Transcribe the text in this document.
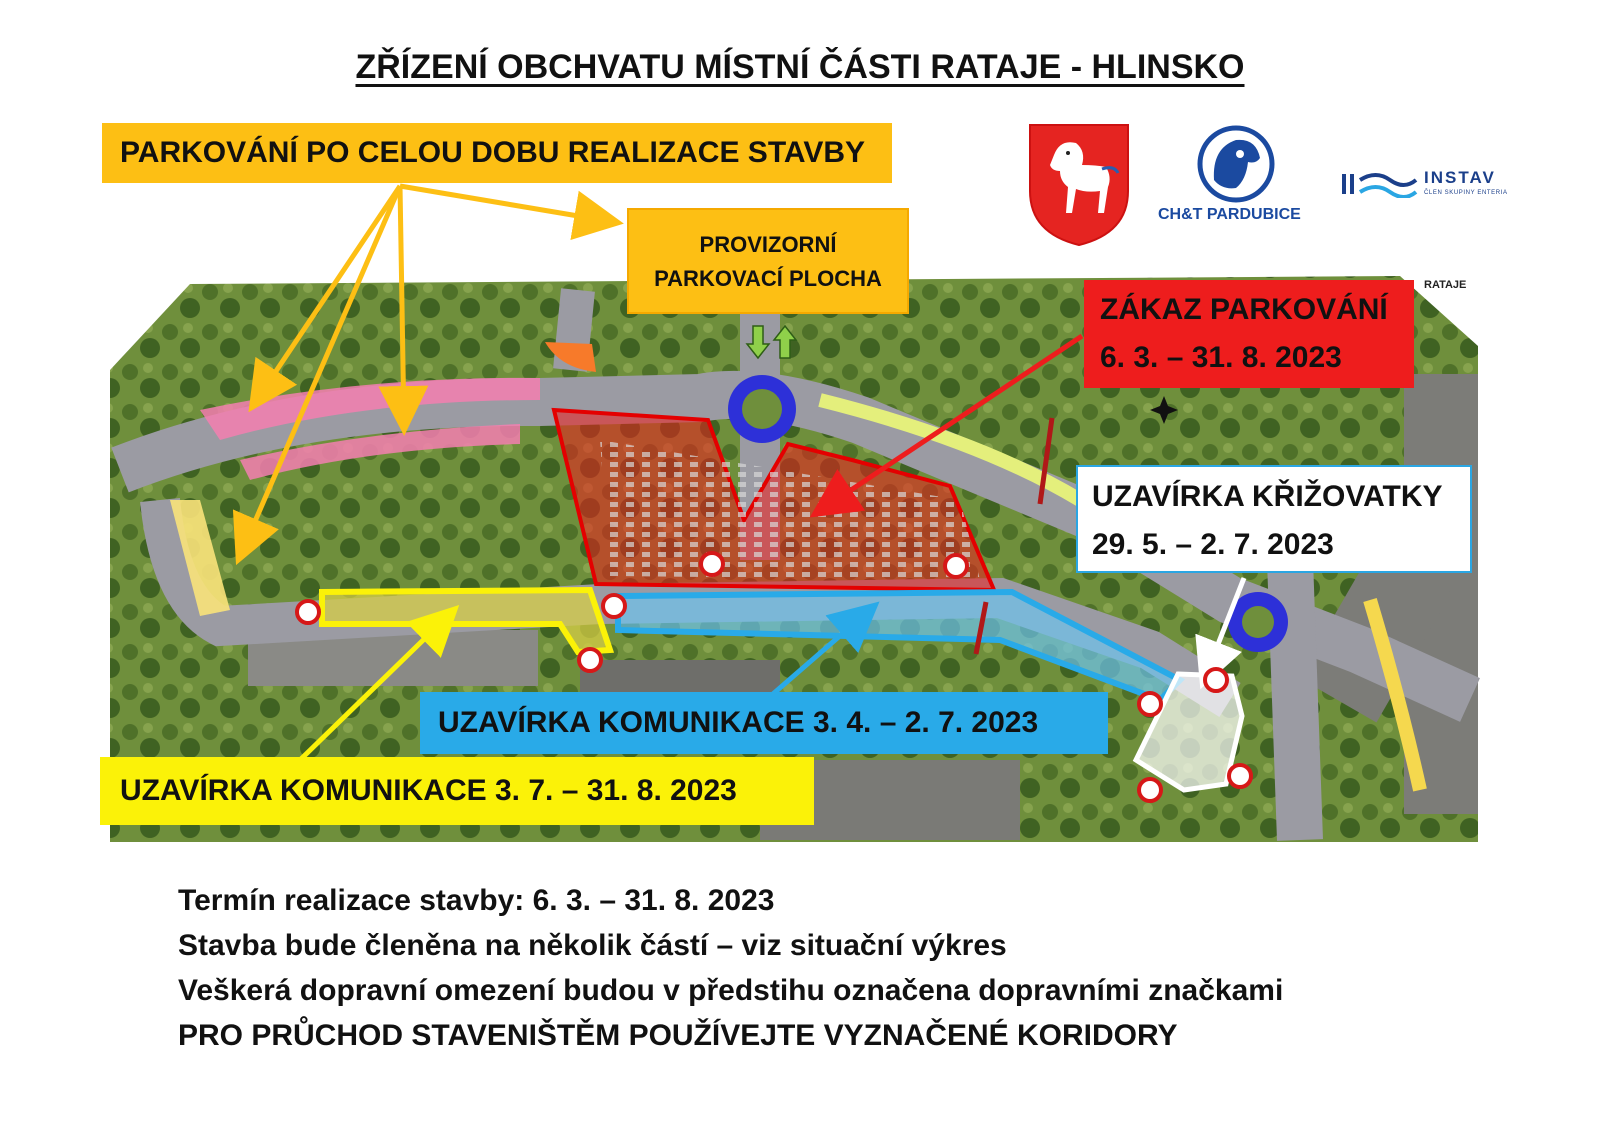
ZŘÍZENÍ OBCHVATU MÍSTNÍ ČÁSTI RATAJE - HLINSKO
CH&T PARDUBICE
INSTAV
ČLEN SKUPINY ENTERIA
RATAJE
PARKOVÁNÍ PO CELOU DOBU REALIZACE STAVBY
PROVIZORNÍ
PARKOVACÍ PLOCHA
ZÁKAZ PARKOVÁNÍ
6. 3. – 31. 8. 2023
UZAVÍRKA KŘIŽOVATKY
29. 5. – 2. 7. 2023
UZAVÍRKA KOMUNIKACE 3. 4. – 2. 7. 2023
UZAVÍRKA KOMUNIKACE 3. 7. – 31. 8. 2023
Termín realizace stavby: 6. 3. – 31. 8. 2023
Stavba bude členěna na několik částí – viz situační výkres
Veškerá dopravní omezení budou v předstihu označena dopravními značkami
PRO PRŮCHOD STAVENIŠTĚM POUŽÍVEJTE VYZNAČENÉ KORIDORY
